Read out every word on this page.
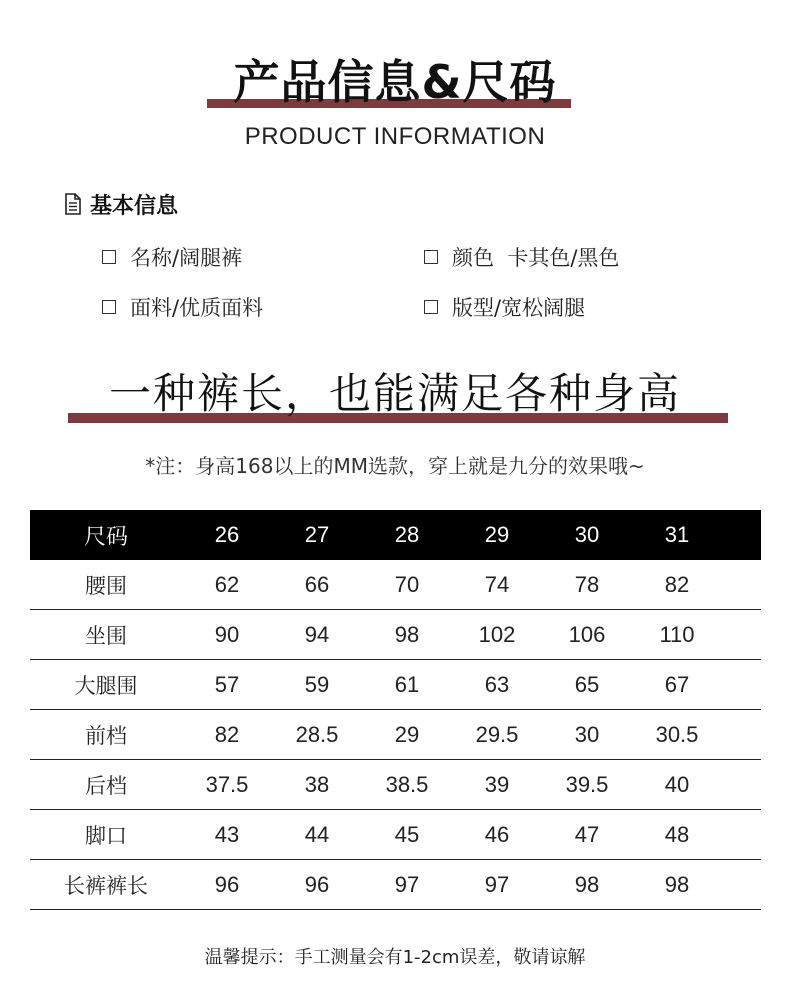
产品信息&尺码
PRODUCT INFORMATION
基本信息
名称/阔腿裤	颜色  卡其色/黑色
面料/优质面料	版型/宽松阔腿
一种裤长，也能满足各种身高
*注：身高168以上的MM选款，穿上就是九分的效果哦~
尺码	26	27	28	29	30	31
腰围	62	66	70	74	78	82
坐围	90	94	98	102	106	110
大腿围	57	59	61	63	65	67
前档	82	28.5	29	29.5	30	30.5
后档	37.5	38	38.5	39	39.5	40
脚口	43	44	45	46	47	48
长裤裤长	96	96	97	97	98	98
温馨提示：手工测量会有1-2cm误差，敬请谅解
